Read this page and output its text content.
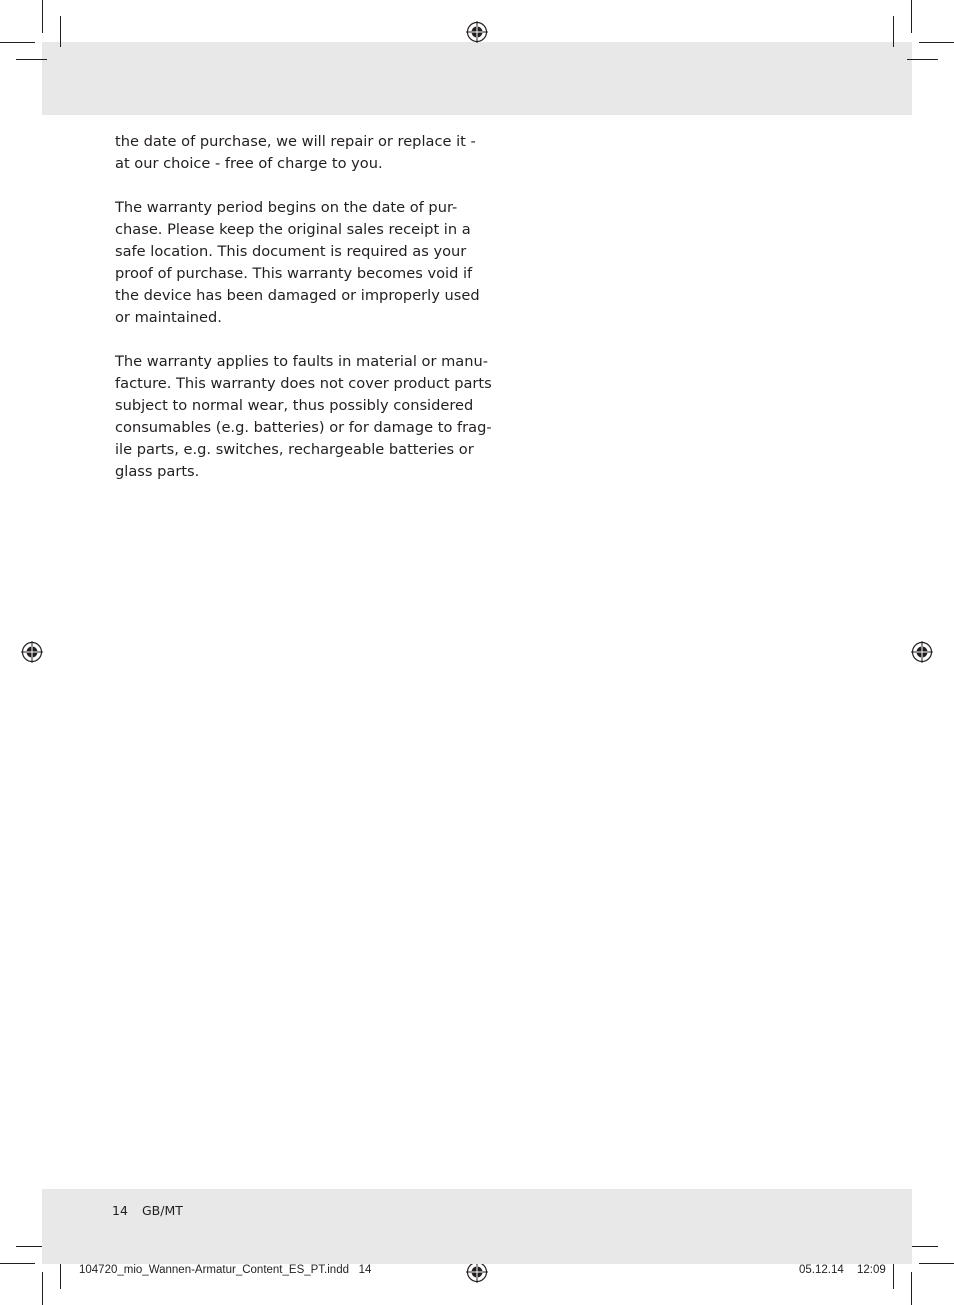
the date of purchase, we will repair or replace it -
at our choice - free of charge to you.

The warranty period begins on the date of pur-
chase. Please keep the original sales receipt in a
safe location. This document is required as your
proof of purchase. This warranty becomes void if
the device has been damaged or improperly used
or maintained.

The warranty applies to faults in material or manu-
facture. This warranty does not cover product parts
subject to normal wear, thus possibly considered
consumables (e.g. batteries) or for damage to frag-
ile parts, e.g. switches, rechargeable batteries or
glass parts.

14 GB/MT
104720_mio_Wannen-Armatur_Content_ES_PT.indd   14	05.12.14 12:09
